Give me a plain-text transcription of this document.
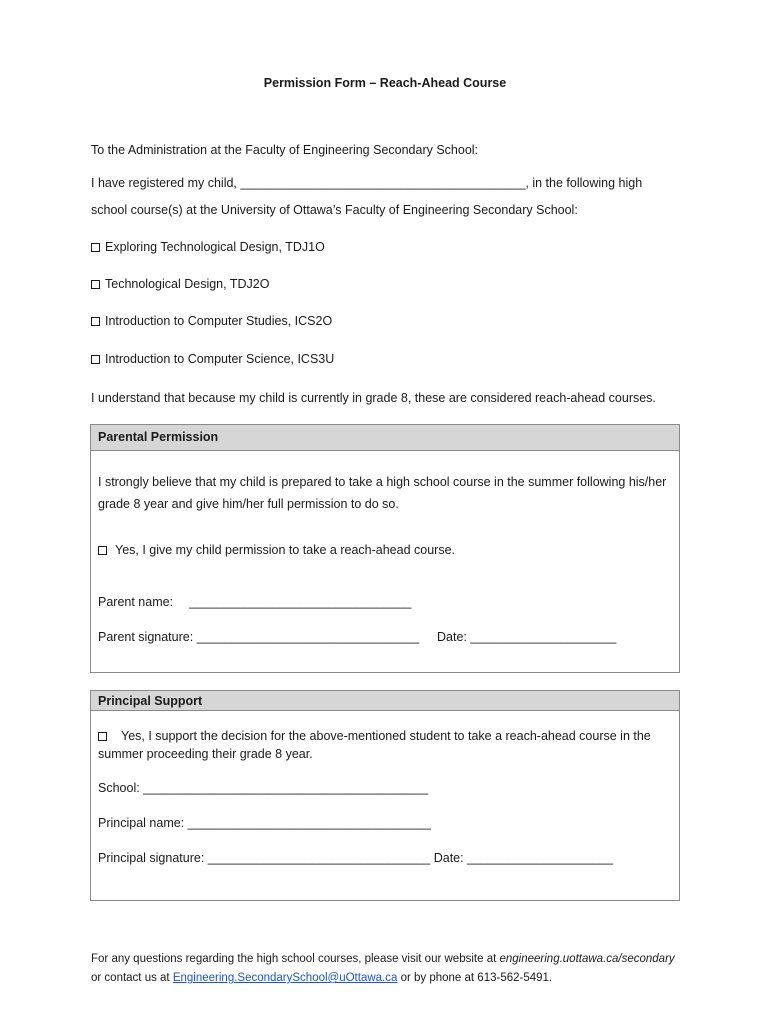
Permission Form – Reach-Ahead Course
To the Administration at the Faculty of Engineering Secondary School:
I have registered my child, _________________________________________, in the following high
school course(s) at the University of Ottawa’s Faculty of Engineering Secondary School:
Exploring Technological Design, TDJ1O
Technological Design, TDJ2O
Introduction to Computer Studies, ICS2O
Introduction to Computer Science, ICS3U
I understand that because my child is currently in grade 8, these are considered reach-ahead courses.
Parental Permission
I strongly believe that my child is prepared to take a high school course in the summer following his/her
grade 8 year and give him/her full permission to do so.
Yes, I give my child permission to take a reach-ahead course.
Parent name: ________________________________
Parent signature: ________________________________ Date: _____________________
Principal Support
Yes, I support the decision for the above-mentioned student to take a reach-ahead course in the
summer proceeding their grade 8 year.
School: _________________________________________
Principal name: ___________________________________
Principal signature: ________________________________ Date: _____________________
For any questions regarding the high school courses, please visit our website at engineering.uottawa.ca/secondary
or contact us at Engineering.SecondarySchool@uOttawa.ca or by phone at 613-562-5491.
